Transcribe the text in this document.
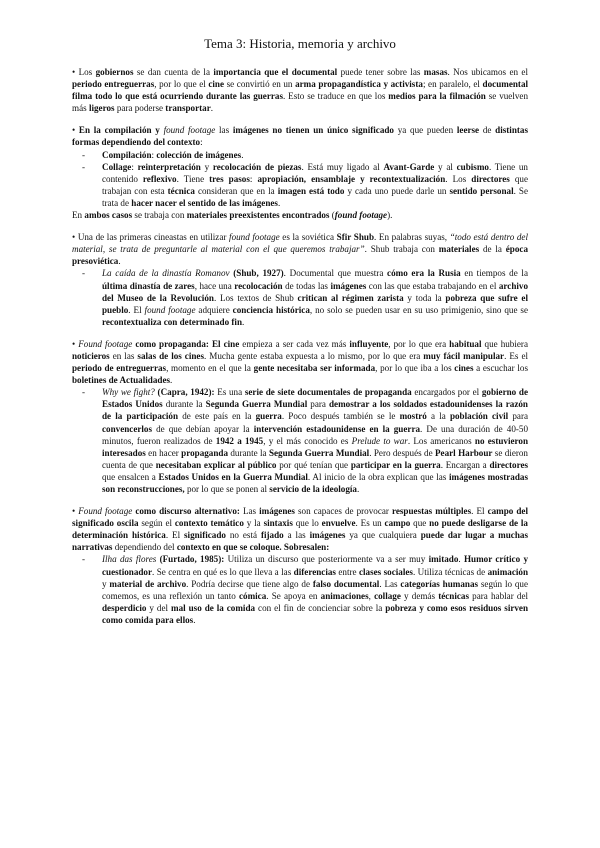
Tema 3: Historia, memoria y archivo

• Los gobiernos se dan cuenta de la importancia que el documental puede tener sobre las masas. Nos ubicamos en el periodo entreguerras, por lo que el cine se convirtió en un arma propagandística y activista; en paralelo, el documental filma todo lo que está ocurriendo durante las guerras. Esto se traduce en que los medios para la filmación se vuelven más ligeros para poderse transportar.

• En la compilación y found footage las imágenes no tienen un único significado ya que pueden leerse de distintas formas dependiendo del contexto:

- Compilación: colección de imágenes.
- Collage: reinterpretación y recolocación de piezas. Está muy ligado al Avant-Garde y al cubismo. Tiene un contenido reflexivo. Tiene tres pasos: apropiación, ensamblaje y recontextualización. Los directores que trabajan con esta técnica consideran que en la imagen está todo y cada uno puede darle un sentido personal. Se trata de hacer nacer el sentido de las imágenes.

En ambos casos se trabaja con materiales preexistentes encontrados (found footage).

• Una de las primeras cineastas en utilizar found footage es la soviética Sfir Shub. En palabras suyas, “todo está dentro del material, se trata de preguntarle al material con el que queremos trabajar”. Shub trabaja con materiales de la época presoviética.

- La caída de la dinastía Romanov (Shub, 1927). Documental que muestra cómo era la Rusia en tiempos de la última dinastía de zares, hace una recolocación de todas las imágenes con las que estaba trabajando en el archivo del Museo de la Revolución. Los textos de Shub critican al régimen zarista y toda la pobreza que sufre el pueblo. El found footage adquiere conciencia histórica, no solo se pueden usar en su uso primigenio, sino que se recontextualiza con determinado fin.

• Found footage como propaganda: El cine empieza a ser cada vez más influyente, por lo que era habitual que hubiera noticieros en las salas de los cines. Mucha gente estaba expuesta a lo mismo, por lo que era muy fácil manipular. Es el periodo de entreguerras, momento en el que la gente necesitaba ser informada, por lo que iba a los cines a escuchar los boletines de Actualidades.

- Why we fight? (Capra, 1942): Es una serie de siete documentales de propaganda encargados por el gobierno de Estados Unidos durante la Segunda Guerra Mundial para demostrar a los soldados estadounidenses la razón de la participación de este país en la guerra. Poco después también se le mostró a la población civil para convencerlos de que debían apoyar la intervención estadounidense en la guerra. De una duración de 40-50 minutos, fueron realizados de 1942 a 1945, y el más conocido es Prelude to war. Los americanos no estuvieron interesados en hacer propaganda durante la Segunda Guerra Mundial. Pero después de Pearl Harbour se dieron cuenta de que necesitaban explicar al público por qué tenían que participar en la guerra. Encargan a directores que ensalcen a Estados Unidos en la Guerra Mundial. Al inicio de la obra explican que las imágenes mostradas son reconstrucciones, por lo que se ponen al servicio de la ideología.

• Found footage como discurso alternativo: Las imágenes son capaces de provocar respuestas múltiples. El campo del significado oscila según el contexto temático y la sintaxis que lo envuelve. Es un campo que no puede desligarse de la determinación histórica. El significado no está fijado a las imágenes ya que cualquiera puede dar lugar a muchas narrativas dependiendo del contexto en que se coloque. Sobresalen:

- Ilha das flores (Furtado, 1985): Utiliza un discurso que posteriormente va a ser muy imitado. Humor crítico y cuestionador. Se centra en qué es lo que lleva a las diferencias entre clases sociales. Utiliza técnicas de animación y material de archivo. Podría decirse que tiene algo de falso documental. Las categorías humanas según lo que comemos, es una reflexión un tanto cómica. Se apoya en animaciones, collage y demás técnicas para hablar del desperdicio y del mal uso de la comida con el fin de concienciar sobre la pobreza y como esos residuos sirven como comida para ellos.
